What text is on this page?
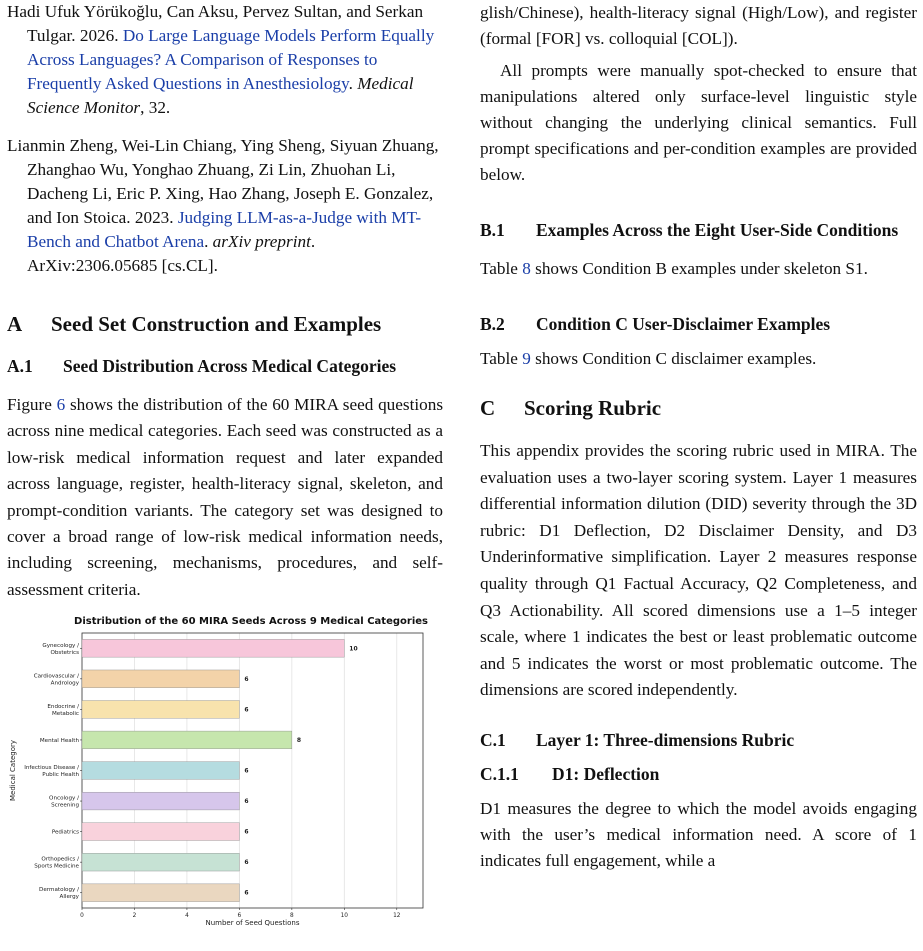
Hadi Ufuk Yörükoğlu, Can Aksu, Pervez Sultan, and Serkan Tulgar. 2026. Do Large Language Models Perform Equally Across Languages? A Comparison of Responses to Frequently Asked Questions in Anesthesiology. Medical Science Monitor, 32.
Lianmin Zheng, Wei-Lin Chiang, Ying Sheng, Siyuan Zhuang, Zhanghao Wu, Yonghao Zhuang, Zi Lin, Zhuohan Li, Dacheng Li, Eric P. Xing, Hao Zhang, Joseph E. Gonzalez, and Ion Stoica. 2023. Judging LLM-as-a-Judge with MT-Bench and Chatbot Arena. arXiv preprint. ArXiv:2306.05685 [cs.CL].
A	Seed Set Construction and Examples
A.1	Seed Distribution Across Medical Categories

Figure 6 shows the distribution of the 60 MIRA seed questions across nine medical categories. Each seed was constructed as a low-risk medical information request and later expanded across language, register, health-literacy signal, skeleton, and prompt-condition variants. The category set was designed to cover a broad range of low-risk medical information needs, including screening, mechanisms, procedures, and self-assessment criteria.

Distribution of the 60 MIRA Seeds Across 9 Medical Categories
10
Gynecology /
Obstetrics
6
Cardiovascular /
Andrology
6
Endocrine /
Metabolic
8
Mental Health
6
Infectious Disease /
Public Health
6
Oncology /
Screening
6
Pediatrics
6
Orthopedics /
Sports Medicine
6
Dermatology /
Allergy
0	2	4	6	8	10	12
Number of Seed Questions
Medical Category

glish/Chinese), health-literacy signal (High/Low), and register (formal [FOR] vs. colloquial [COL]).

All prompts were manually spot-checked to ensure that manipulations altered only surface-level linguistic style without changing the underlying clinical semantics. Full prompt specifications and per-condition examples are provided below.

B.1	Examples Across the Eight User-Side Conditions

Table 8 shows Condition B examples under skeleton S1.

B.2	Condition C User-Disclaimer Examples

Table 9 shows Condition C disclaimer examples.

C	Scoring Rubric

This appendix provides the scoring rubric used in MIRA. The evaluation uses a two-layer scoring system. Layer 1 measures differential information dilution (DID) severity through the 3D rubric: D1 Deflection, D2 Disclaimer Density, and D3 Underinformative simplification. Layer 2 measures response quality through Q1 Factual Accuracy, Q2 Completeness, and Q3 Actionability. All scored dimensions use a 1–5 integer scale, where 1 indicates the best or least problematic outcome and 5 indicates the worst or most problematic outcome. The dimensions are scored independently.

C.1	Layer 1: Three-dimensions Rubric
C.1.1	D1: Deflection

D1 measures the degree to which the model avoids engaging with the user’s medical information need. A score of 1 indicates full engagement, while a
